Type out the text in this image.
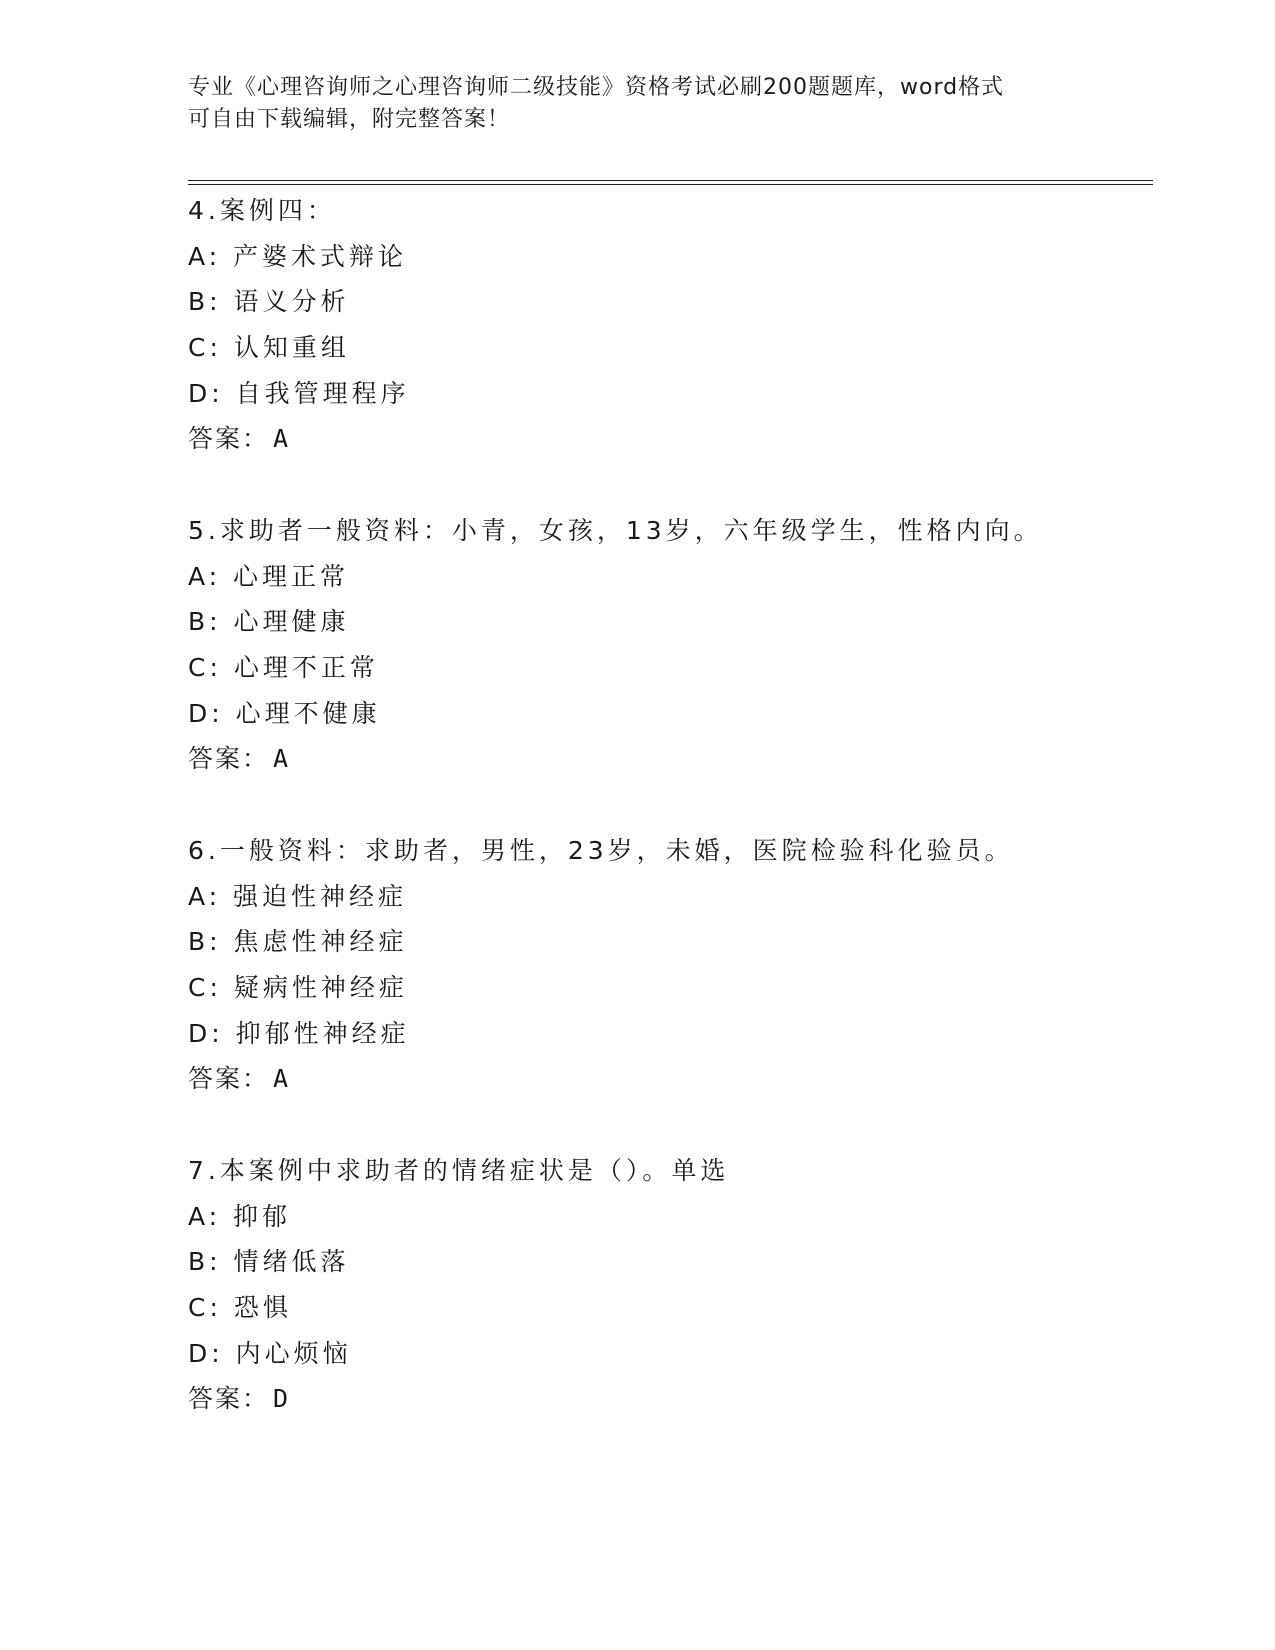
专业《心理咨询师之心理咨询师二级技能》资格考试必刷200题题库，word格式
可自由下载编辑，附完整答案！
4.案例四：
A: 产婆术式辩论
B: 语义分析
C: 认知重组
D: 自我管理程序
答案： A
5.求助者一般资料：小青，女孩，13岁，六年级学生，性格内向。
A: 心理正常
B: 心理健康
C: 心理不正常
D: 心理不健康
答案： A
6.一般资料：求助者，男性，23岁，未婚，医院检验科化验员。
A: 强迫性神经症
B: 焦虑性神经症
C: 疑病性神经症
D: 抑郁性神经症
答案： A
7.本案例中求助者的情绪症状是（）。单选
A: 抑郁
B: 情绪低落
C: 恐惧
D: 内心烦恼
答案： D
